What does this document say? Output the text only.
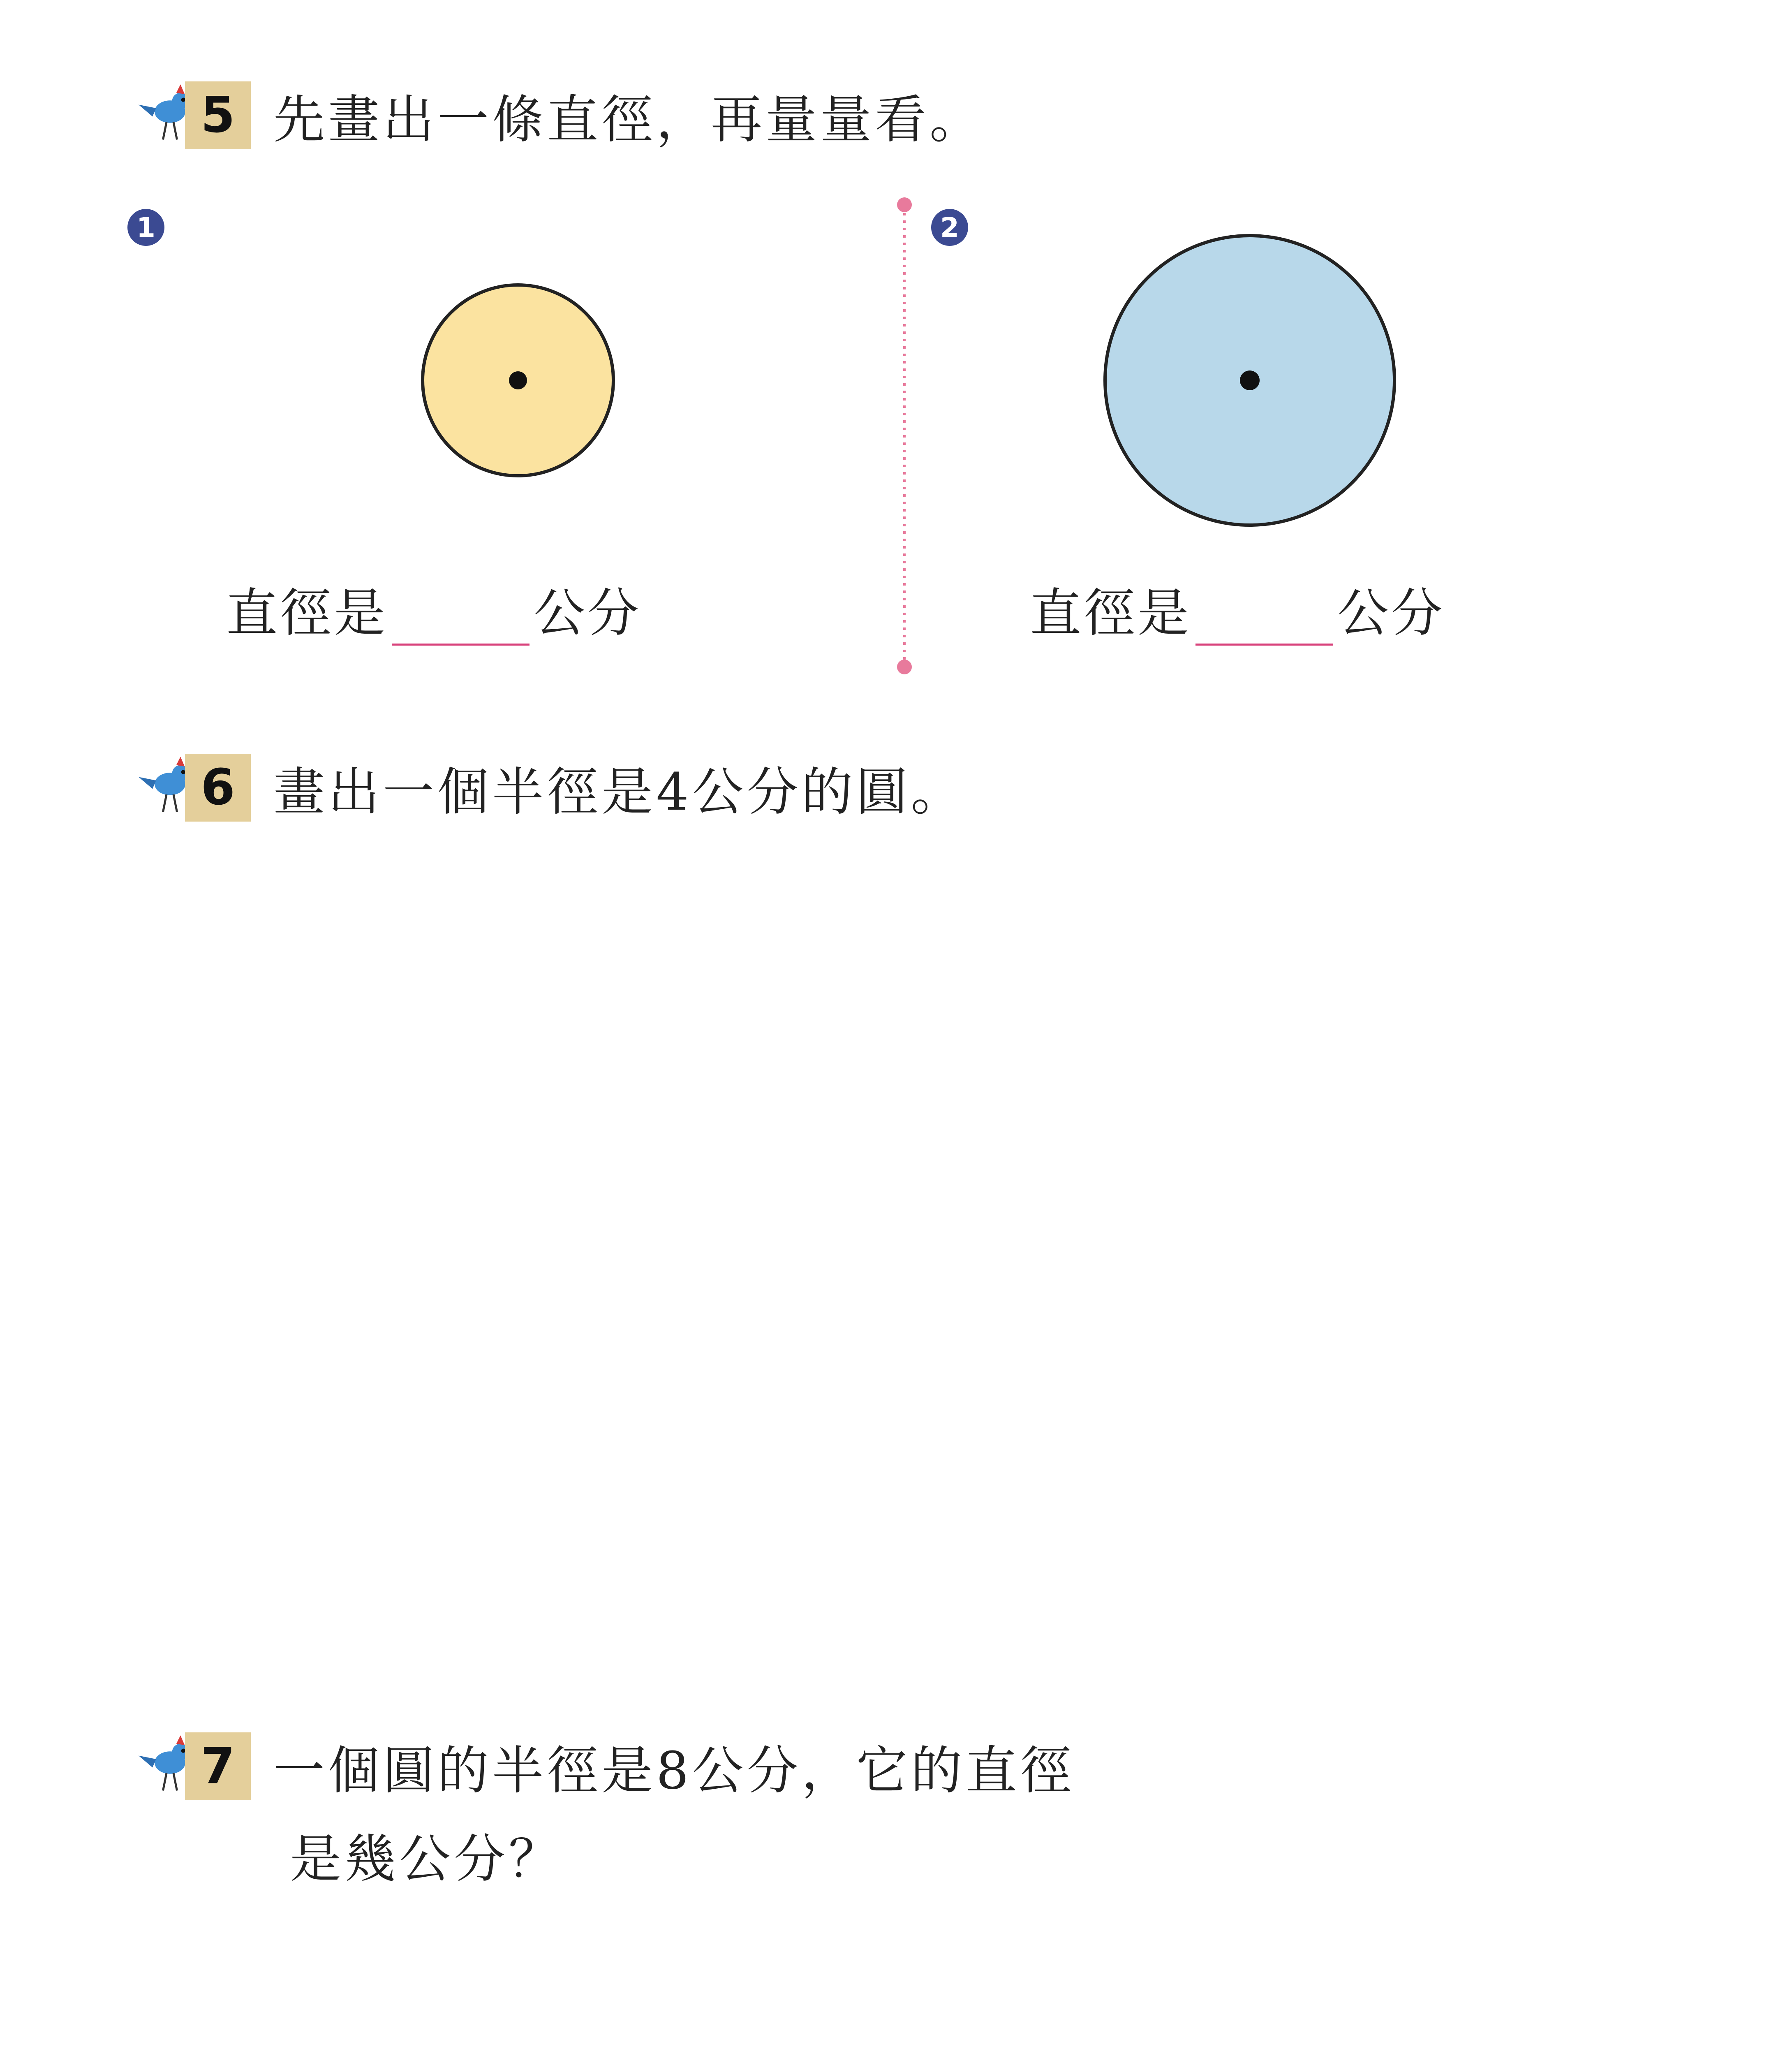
5 先畫出一條直徑，再量量看。
1
直徑是	公分
2
直徑是	公分
6 畫出一個半徑是4公分的圓。
7 一個圓的半徑是8公分，它的直徑
是幾公分？
